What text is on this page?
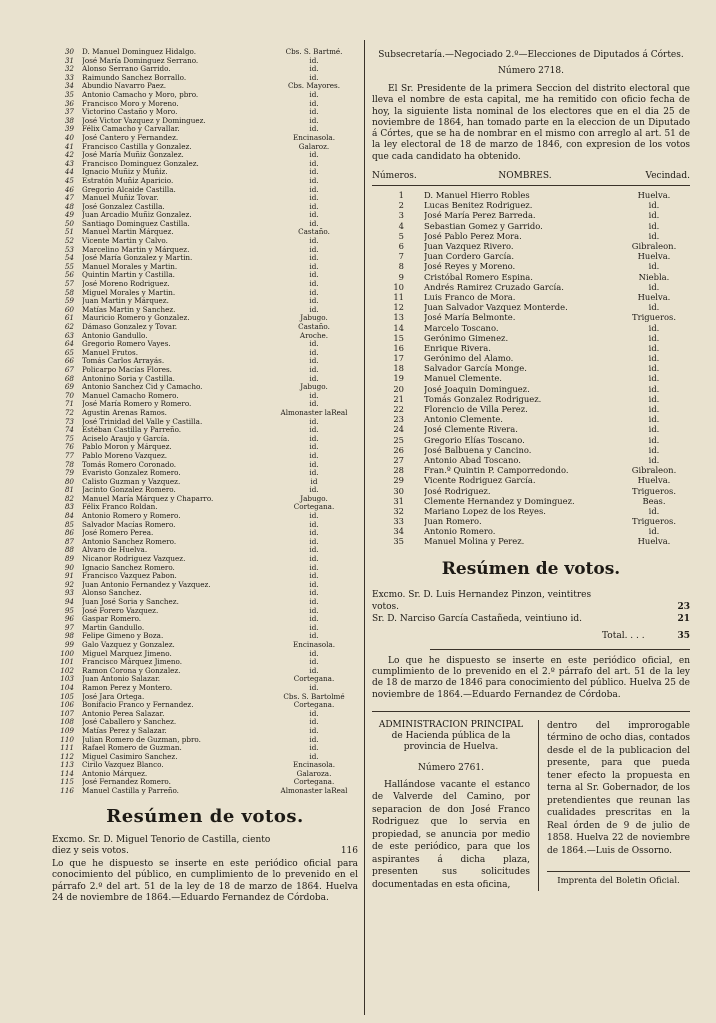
30	D. Manuel Dominguez Hidalgo.	Cbs. S. Bartmé.
31	José María Dominguez Serrano.	id.
32	Alonso Serrano Garrido.	id.
33	Raimundo Sanchez Borrallo.	id.
34	Abundio Navarro Paez.	Cbs. Mayores.
35	Antonio Camacho y Moro, pbro.	id.
36	Francisco Moro y Moreno.	id.
37	Victorino Castaño y Moro.	id.
38	José Victor Vazquez y Dominguez.	id.
39	Félix Camacho y Carvallar.	id.
40	José Cantero y Fernandez.	Encinasola.
41	Francisco Castilla y Gonzalez.	Galaroz.
42	José María Muñiz Gonzalez.	id.
43	Francisco Dominguez Gonzalez.	id.
44	Ignacio Muñiz y Muñiz.	id.
45	Estratón Muñiz Aparicio.	id.
46	Gregorio Alcaide Castilla.	id.
47	Manuel Muñiz Tovar.	id.
48	José Gonzalez Castilla.	id.
49	Juan Arcadio Muñiz Gonzalez.	id.
50	Santiago Dominguez Castilla.	id.
51	Manuel Martin Márquez.	Castaño.
52	Vicente Martin y Calvo.	id.
53	Marcelino Martin y Márquez.	id.
54	José María Gonzalez y Martin.	id.
55	Manuel Morales y Martin.	id.
56	Quintin Martin y Castilla.	id.
57	José Moreno Rodriguez.	id.
58	Miguel Morales y Martin.	id.
59	Juan Martin y Márquez.	id.
60	Matías Martin y Sanchez.	id.
61	Mauricio Romero y Gonzalez.	Jabugo.
62	Dámaso Gonzalez y Tovar.	Castaño.
63	Antonio Gandullo.	Aroche.
64	Gregorio Romero Vayes.	id.
65	Manuel Frutos.	id.
66	Tomás Carlos Arrayás.	id.
67	Policarpo Macías Flores.	id.
68	Antonino Soria y Castilla.	id.
69	Antonio Sanchez Cid y Camacho.	Jabugo.
70	Manuel Camacho Romero.	id.
71	José María Romero y Romero.	id.
72	Agustin Arenas Ramos.	Almonaster laReal
73	José Trinidad del Valle y Castilla.	id.
74	Estéban Castilla y Parreño.	id.
75	Aciselo Araujo y García.	id.
76	Pablo Moron y Márquez.	id.
77	Pablo Moreno Vazquez.	id.
78	Tomás Romero Coronado.	id.
79	Evaristo Gonzalez Romero.	id.
80	Calisto Guzman y Vazquez.	id
81	Jacinto Gonzalez Romero.	id.
82	Manuel María Márquez y Chaparro.	Jabugo.
83	Félix Franco Roldan.	Cortegana.
84	Antonio Romero y Romero.	id.
85	Salvador Macías Romero.	id.
86	José Romero Perea.	id.
87	Antonio Sanchez Romero.	id.
88	Alvaro de Huelva.	id.
89	Nicanor Rodriguez Vazquez.	id.
90	Ignacio Sanchez Romero.	id.
91	Francisco Vazquez Pabon.	id.
92	Juan Antonio Fernandez y Vazquez.	id.
93	Alonso Sanchez.	id.
94	Juan José Soria y Sanchez.	id.
95	José Forero Vazquez.	id.
96	Gaspar Romero.	id.
97	Martin Gandullo.	id.
98	Felipe Gimeno y Boza.	id.
99	Galo Vazquez y Gonzalez.	Encinasola.
100	Miguel Marquez Jimeno.	id.
101	Francisco Márquez Jimeno.	id.
102	Ramon Corona y Gonzalez.	id.
103	Juan Antonio Salazar.	Cortegana.
104	Ramon Perez y Montero.	id.
105	José Jara Ortega.	Cbs. S. Bartolmé
106	Bonifacio Franco y Fernandez.	Cortegana.
107	Antonio Perea Salazar.	id.
108	José Caballero y Sanchez.	id.
109	Matías Perez y Salazar.	id.
110	Julian Romero de Guzman, pbro.	id.
111	Rafael Romero de Guzman.	id.
112	Miguel Casimiro Sanchez.	id.
113	Cirilo Vazquez Blanco.	Encinasola.
114	Antonio Márquez.	Galaroza.
115	José Fernandez Romero.	Cortegana.
116	Manuel Castilla y Parreño.	Almonaster laReal
Resúmen de votos.
Excmo. Sr. D. Miguel Tenorio de Castilla, ciento
diez y seis votos.	116
Lo que he dispuesto se inserte en este periódico oficial para conocimiento del público, en cumplimiento de lo prevenido en el párrafo 2.º del art. 51 de la ley de 18 de marzo de 1864. Huelva 24 de noviembre de 1864.—Eduardo Fernandez de Córdoba.
Subsecretaría.—Negociado 2.º—Elecciones de Diputados á Córtes.
Número 2718.
El Sr. Presidente de la primera Seccion del distrito electoral que lleva el nombre de esta capital, me ha remitido con oficio fecha de hoy, la siguiente lista nominal de los electores que en el dia 25 de noviembre de 1864, han tomado parte en la eleccion de un Diputado á Córtes, que se ha de nombrar en el mismo con arreglo al art. 51 de la ley electoral de 18 de marzo de 1846, con expresion de los votos que cada candidato ha obtenido.
Números.	NOMBRES.	Vecindad.
1	D. Manuel Hierro Robles	Huelva.
2	Lucas Benitez Rodriguez.	id.
3	José María Perez Barreda.	id.
4	Sebastian Gomez y Garrido.	id.
5	José Pablo Perez Mora.	id.
6	Juan Vazquez Rivero.	Gibraleon.
7	Juan Cordero García.	Huelva.
8	José Reyes y Moreno.	id.
9	Cristóbal Romero Espina.	Niebla.
10	Andrés Ramirez Cruzado García.	id.
11	Luis Franco de Mora.	Huelva.
12	Juan Salvador Vazquez Monterde.	id.
13	José María Belmonte.	Trigueros.
14	Marcelo Toscano.	id.
15	Gerónimo Gimenez.	id.
16	Enrique Rivera.	id.
17	Gerónimo del Alamo.	id.
18	Salvador García Monge.	id.
19	Manuel Clemente.	id.
20	José Joaquin Dominguez.	id.
21	Tomás Gonzalez Rodriguez.	id.
22	Florencio de Villa Perez.	id.
23	Antonio Clemente.	id.
24	José Clemente Rivera.	id.
25	Gregorio Elías Toscano.	id.
26	José Balbuena y Cancino.	id.
27	Antonio Abad Toscano.	id.
28	Fran.º Quintin P. Camporredondo.	Gibraleon.
29	Vicente Rodriguez García.	Huelva.
30	José Rodriguez.	Trigueros.
31	Clemente Hernandez y Dominguez.	Beas.
32	Mariano Lopez de los Reyes.	id.
33	Juan Romero.	Trigueros.
34	Antonio Romero.	id.
35	Manuel Molina y Perez.	Huelva.
Resúmen de votos.
Excmo. Sr. D. Luis Hernandez Pinzon, veintitres
votos.	23
Sr. D. Narciso García Castañeda, veintiuno id.	21
Total. . . .	35
Lo que he dispuesto se inserte en este periódico oficial, en cumplimiento de lo prevenido en el 2.º párrafo del art. 51 de la ley de 18 de marzo de 1846 para conocimiento del público. Huelva 25 de noviembre de 1864.—Eduardo Fernandez de Córdoba.
ADMINISTRACION PRINCIPAL de Hacienda pública de la provincia de Huelva.
Número 2761.
Hallándose vacante el estanco de Valverde del Camino, por separacion de don José Franco Rodriguez que lo servia en propiedad, se anuncia por medio de este periódico, para que los aspirantes á dicha plaza, presenten sus solicitudes documentadas en esta oficina,
dentro del improrogable término de ocho dias, contados desde el de la publicacion del presente, para que pueda tener efecto la propuesta en terna al Sr. Gobernador, de los pretendientes que reunan las cualidades prescritas en la Real órden de 9 de julio de 1858. Huelva 22 de noviembre de 1864.—Luis de Ossorno.
Imprenta del Boletin Oficial.
